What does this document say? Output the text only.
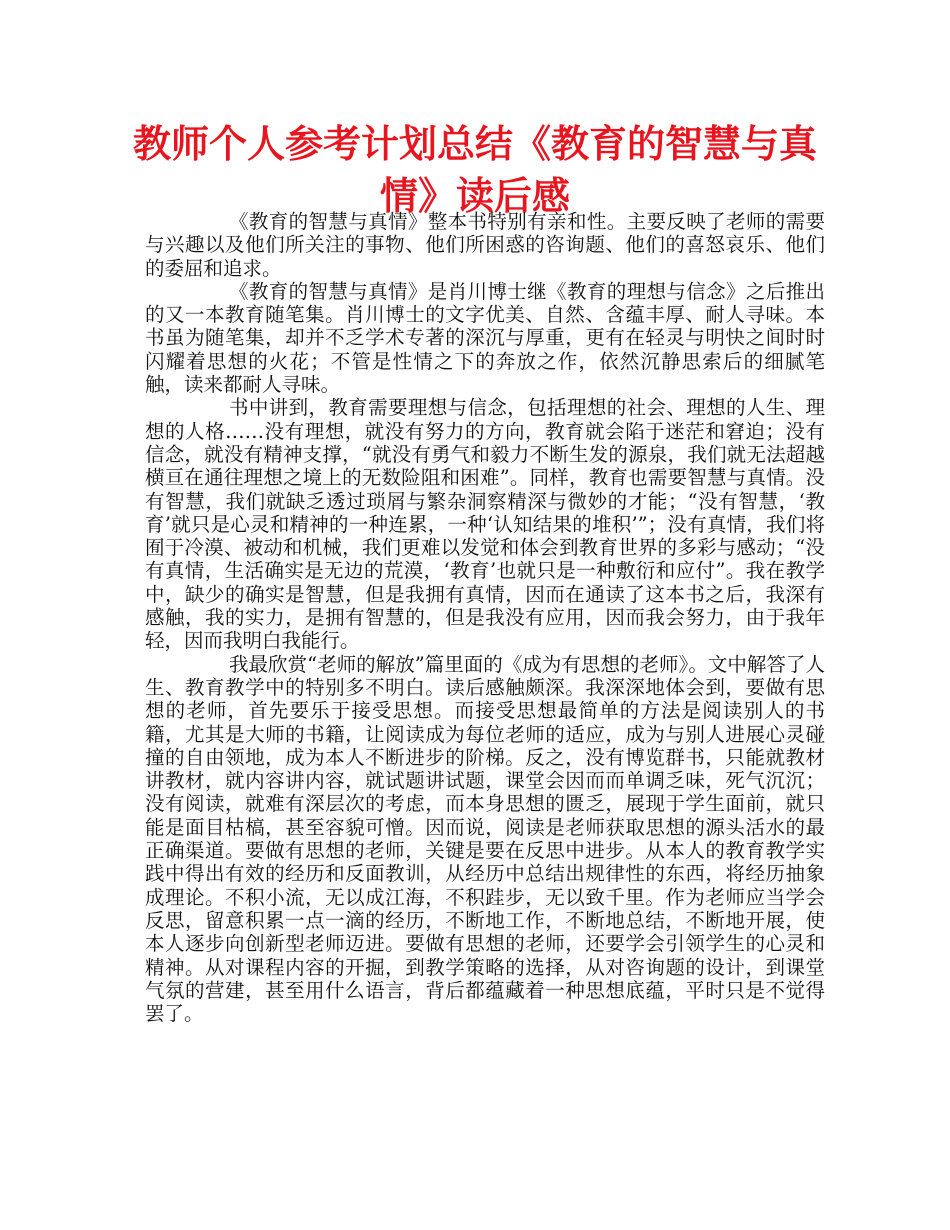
教师个人参考计划总结《教育的智慧与真情》读后感

《教育的智慧与真情》整本书特别有亲和性。主要反映了老师的需要与兴趣以及他们所关注的事物、他们所困惑的咨询题、他们的喜怒哀乐、他们的委屈和追求。

《教育的智慧与真情》是肖川博士继《教育的理想与信念》之后推出的又一本教育随笔集。肖川博士的文字优美、自然、含蕴丰厚、耐人寻味。本书虽为随笔集，却并不乏学术专著的深沉与厚重，更有在轻灵与明快之间时时闪耀着思想的火花；不管是性情之下的奔放之作，依然沉静思索后的细腻笔触，读来都耐人寻味。

书中讲到，教育需要理想与信念，包括理想的社会、理想的人生、理想的人格……没有理想，就没有努力的方向，教育就会陷于迷茫和窘迫；没有信念，就没有精神支撑，“就没有勇气和毅力不断生发的源泉，我们就无法超越横亘在通往理想之境上的无数险阻和困难”。同样，教育也需要智慧与真情。没有智慧，我们就缺乏透过琐屑与繁杂洞察精深与微妙的才能；“没有智慧，‘教育’就只是心灵和精神的一种连累，一种‘认知结果的堆积’”；没有真情，我们将囿于冷漠、被动和机械，我们更难以发觉和体会到教育世界的多彩与感动；“没有真情，生活确实是无边的荒漠，‘教育’也就只是一种敷衍和应付”。我在教学中，缺少的确实是智慧，但是我拥有真情，因而在通读了这本书之后，我深有感触，我的实力，是拥有智慧的，但是我没有应用，因而我会努力，由于我年轻，因而我明白我能行。

我最欣赏“老师的解放”篇里面的《成为有思想的老师》。文中解答了人生、教育教学中的特别多不明白。读后感触颇深。我深深地体会到，要做有思想的老师，首先要乐于接受思想。而接受思想最简单的方法是阅读别人的书籍，尤其是大师的书籍，让阅读成为每位老师的适应，成为与别人进展心灵碰撞的自由领地，成为本人不断进步的阶梯。反之，没有博览群书，只能就教材讲教材，就内容讲内容，就试题讲试题，课堂会因而而单调乏味，死气沉沉；没有阅读，就难有深层次的考虑，而本身思想的匮乏，展现于学生面前，就只能是面目枯槁，甚至容貌可憎。因而说，阅读是老师获取思想的源头活水的最正确渠道。要做有思想的老师，关键是要在反思中进步。从本人的教育教学实践中得出有效的经历和反面教训，从经历中总结出规律性的东西，将经历抽象成理论。不积小流，无以成江海，不积跬步，无以致千里。作为老师应当学会反思，留意积累一点一滴的经历，不断地工作，不断地总结，不断地开展，使本人逐步向创新型老师迈进。要做有思想的老师，还要学会引领学生的心灵和精神。从对课程内容的开掘，到教学策略的选择，从对咨询题的设计，到课堂气氛的营建，甚至用什么语言，背后都蕴藏着一种思想底蕴，平时只是不觉得罢了。
